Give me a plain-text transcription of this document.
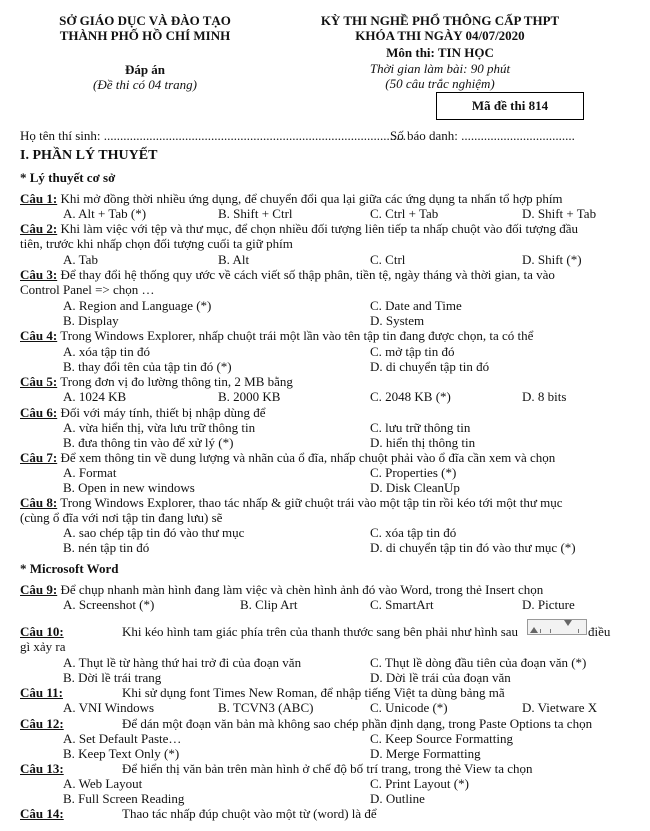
SỞ GIÁO DỤC VÀ ĐÀO TẠO
THÀNH PHỐ HỒ CHÍ MINH
KỲ THI NGHỀ PHỔ THÔNG CẤP THPT
KHÓA THI NGÀY 04/07/2020
Môn thi: TIN HỌC
Đáp án
(Đề thi có 04 trang)
Thời gian làm bài: 90 phút
(50 câu trắc nghiệm)
Mã đề thi 814
Họ tên thí sinh: .............................................................................................
Số báo danh: ...................................
I. PHẦN LÝ THUYẾT
* Lý thuyết cơ sở
Câu 1: Khi mở đồng thời nhiều ứng dụng, để chuyển đổi qua lại giữa các ứng dụng ta nhấn tổ hợp phím
A. Alt + Tab (*)	B. Shift + Ctrl	C. Ctrl + Tab	D. Shift + Tab
Câu 2: Khi làm việc với tệp và thư mục, để chọn nhiều đối tượng liên tiếp ta nhấp chuột vào đối tượng đầu
tiên, trước khi nhấp chọn đối tượng cuối ta giữ phím
A. Tab	B. Alt	C. Ctrl	D. Shift (*)
Câu 3: Để thay đổi hệ thống quy ước về cách viết số thập phân, tiền tệ, ngày tháng và thời gian, ta vào
Control Panel => chọn …
A. Region and Language (*)	C. Date and Time
B. Display	D. System
Câu 4: Trong Windows Explorer, nhấp chuột trái một lần vào tên tập tin đang được chọn, ta có thể
A. xóa tập tin đó	C. mở tập tin đó
B. thay đổi tên của tập tin đó (*)	D. di chuyển tập tin đó
Câu 5: Trong đơn vị đo lường thông tin, 2 MB bằng
A. 1024 KB	B. 2000 KB	C. 2048 KB (*)	D. 8 bits
Câu 6: Đối với máy tính, thiết bị nhập dùng để
A. vừa hiển thị, vừa lưu trữ thông tin	C. lưu trữ thông tin
B. đưa thông tin vào để xử lý (*)	D. hiển thị thông tin
Câu 7: Để xem thông tin về dung lượng và nhãn của ổ đĩa, nhấp chuột phải vào ổ đĩa cần xem và chọn
A. Format	C. Properties (*)
B. Open in new windows	D. Disk CleanUp
Câu 8: Trong Windows Explorer, thao tác nhấp & giữ chuột trái vào một tập tin rồi kéo tới một thư mục
(cùng ổ đĩa với nơi tập tin đang lưu) sẽ
A. sao chép tập tin đó vào thư mục	C. xóa tập tin đó
B. nén tập tin đó	D. di chuyển tập tin đó vào thư mục (*)
* Microsoft Word
Câu 9: Để chụp nhanh màn hình đang làm việc và chèn hình ảnh đó vào Word, trong thẻ Insert chọn
A. Screenshot (*)	B. Clip Art	C. SmartArt	D. Picture
Câu 10:	Khi kéo hình tam giác phía trên của thanh thước sang bên phải như hình sau	điều
gì xảy ra
A. Thụt lề từ hàng thứ hai trở đi của đoạn văn	C. Thụt lề dòng đầu tiên của đoạn văn (*)
B. Dời lề trái trang	D. Dời lề trái của đoạn văn
Câu 11:	Khi sử dụng font Times New Roman, để nhập tiếng Việt ta dùng bảng mã
A. VNI Windows	B. TCVN3 (ABC)	C. Unicode (*)	D. Vietware X
Câu 12:	Để dán một đoạn văn bản mà không sao chép phần định dạng, trong Paste Options ta chọn
A. Set Default Paste…	C. Keep Source Formatting
B. Keep Text Only (*)	D. Merge Formatting
Câu 13:	Để hiển thị văn bản trên màn hình ở chế độ bố trí trang, trong thẻ View ta chọn
A. Web Layout	C. Print Layout (*)
B. Full Screen Reading	D. Outline
Câu 14:	Thao tác nhấp đúp chuột vào một từ (word) là để
